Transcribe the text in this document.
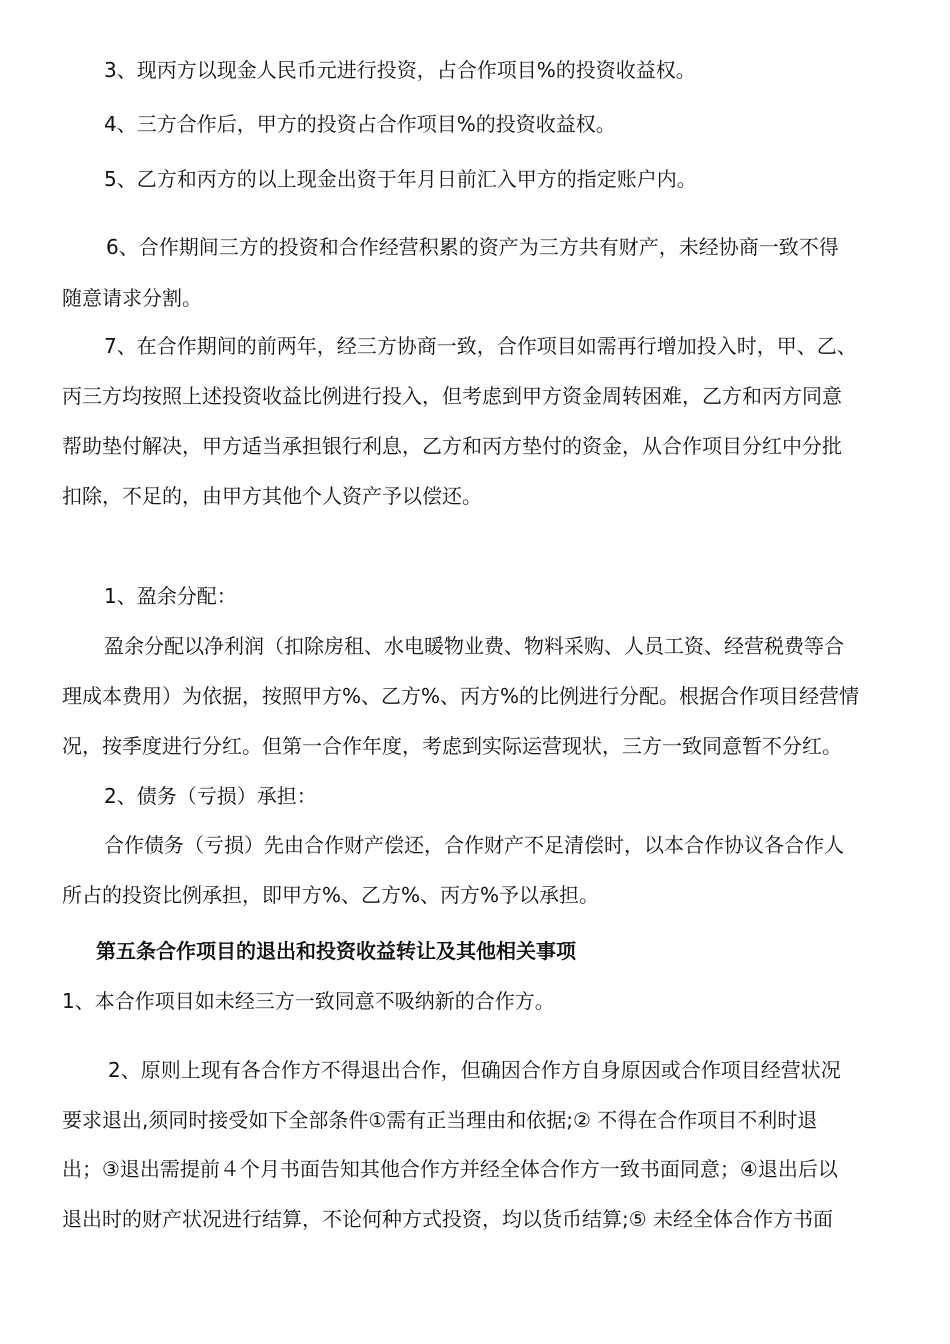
3、现丙方以现金人民币元进行投资，占合作项目%的投资收益权。

4、三方合作后，甲方的投资占合作项目%的投资收益权。

5、乙方和丙方的以上现金出资于年月日前汇入甲方的指定账户内。

6、合作期间三方的投资和合作经营积累的资产为三方共有财产，未经协商一致不得

随意请求分割。

7、在合作期间的前两年，经三方协商一致，合作项目如需再行增加投入时，甲、乙、

丙三方均按照上述投资收益比例进行投入，但考虑到甲方资金周转困难，乙方和丙方同意

帮助垫付解决，甲方适当承担银行利息，乙方和丙方垫付的资金，从合作项目分红中分批

扣除，不足的，由甲方其他个人资产予以偿还。

1、盈余分配：

盈余分配以净利润（扣除房租、水电暖物业费、物料采购、人员工资、经营税费等合

理成本费用）为依据，按照甲方%、乙方%、丙方%的比例进行分配。根据合作项目经营情

况，按季度进行分红。但第一合作年度，考虑到实际运营现状，三方一致同意暂不分红。

2、债务（亏损）承担：

合作债务（亏损）先由合作财产偿还，合作财产不足清偿时，以本合作协议各合作人

所占的投资比例承担，即甲方%、乙方%、丙方%予以承担。

第五条合作项目的退出和投资收益转让及其他相关事项

1、本合作项目如未经三方一致同意不吸纳新的合作方。

2、原则上现有各合作方不得退出合作，但确因合作方自身原因或合作项目经营状况

要求退出,须同时接受如下全部条件①需有正当理由和依据;② 不得在合作项目不利时退

出；③退出需提前４个月书面告知其他合作方并经全体合作方一致书面同意；④退出后以

退出时的财产状况进行结算，不论何种方式投资，均以货币结算;⑤ 未经全体合作方书面
